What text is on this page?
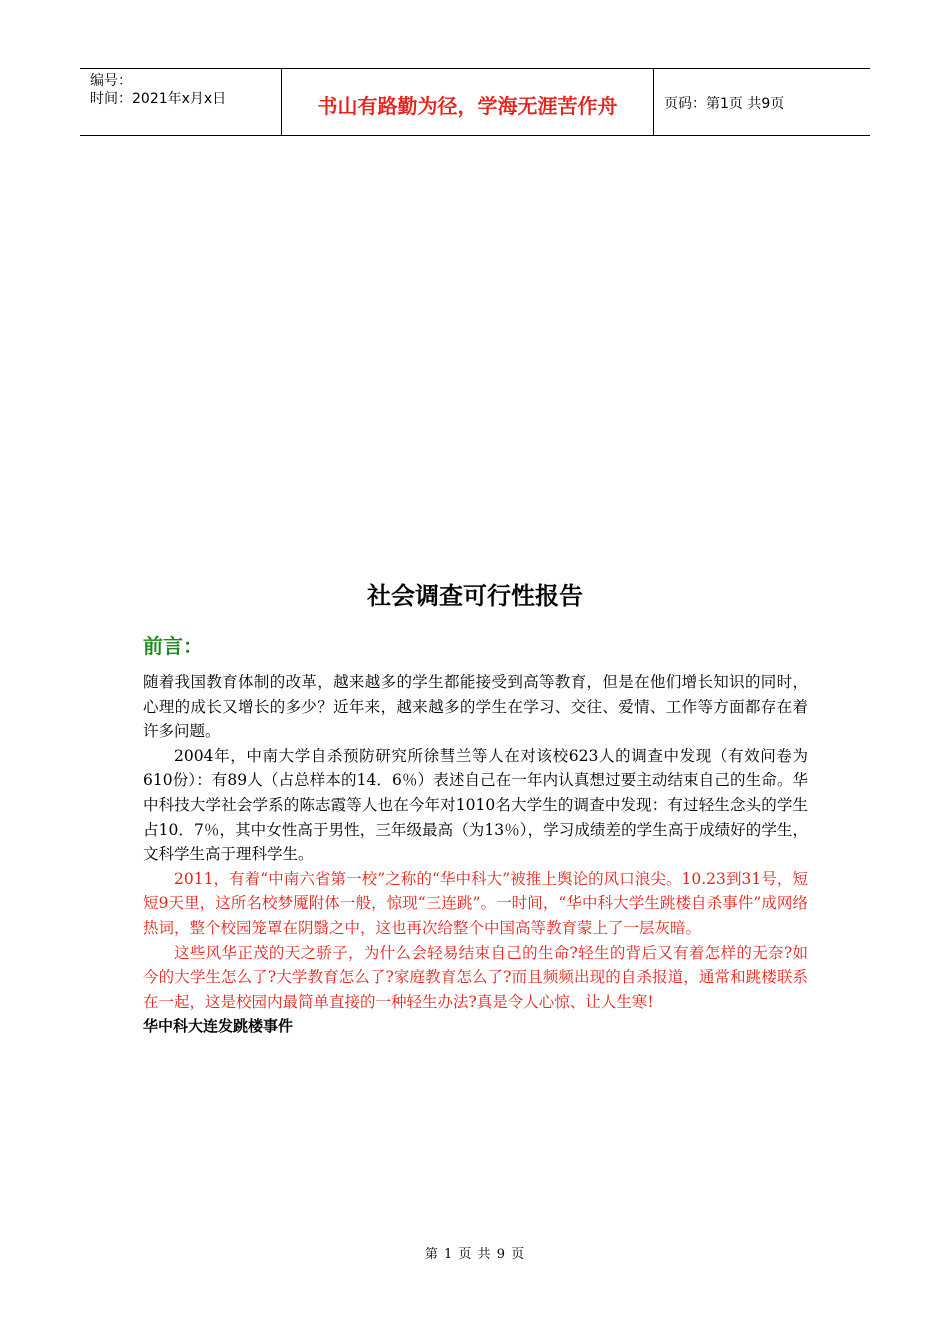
编号：
时间：2021年x月x日	书山有路勤为径，学海无涯苦作舟	页码：第1页 共9页
社会调查可行性报告
前言：

随着我国教育体制的改革，越来越多的学生都能接受到高等教育，但是在他们增长知识的同时，心理的成长又增长的多少？近年来，越来越多的学生在学习、交往、爱情、工作等方面都存在着许多问题。

2004年，中南大学自杀预防研究所徐彗兰等人在对该校623人的调查中发现（有效问卷为610份）：有89人（占总样本的14．6％）表述自己在一年内认真想过要主动结束自己的生命。华中科技大学社会学系的陈志霞等人也在今年对1010名大学生的调查中发现：有过轻生念头的学生占10．7％，其中女性高于男性，三年级最高（为13％），学习成绩差的学生高于成绩好的学生，文科学生高于理科学生。

2011，有着“中南六省第一校”之称的“华中科大”被推上舆论的风口浪尖。10.23到31号，短短9天里，这所名校梦魇附体一般，惊现“三连跳”。一时间，“华中科大学生跳楼自杀事件”成网络热词，整个校园笼罩在阴翳之中，这也再次给整个中国高等教育蒙上了一层灰暗。

这些风华正茂的天之骄子，为什么会轻易结束自己的生命?轻生的背后又有着怎样的无奈?如今的大学生怎么了?大学教育怎么了?家庭教育怎么了?而且频频出现的自杀报道，通常和跳楼联系在一起，这是校园内最简单直接的一种轻生办法?真是令人心惊、让人生寒!

华中科大连发跳楼事件

第 1 页 共 9 页
